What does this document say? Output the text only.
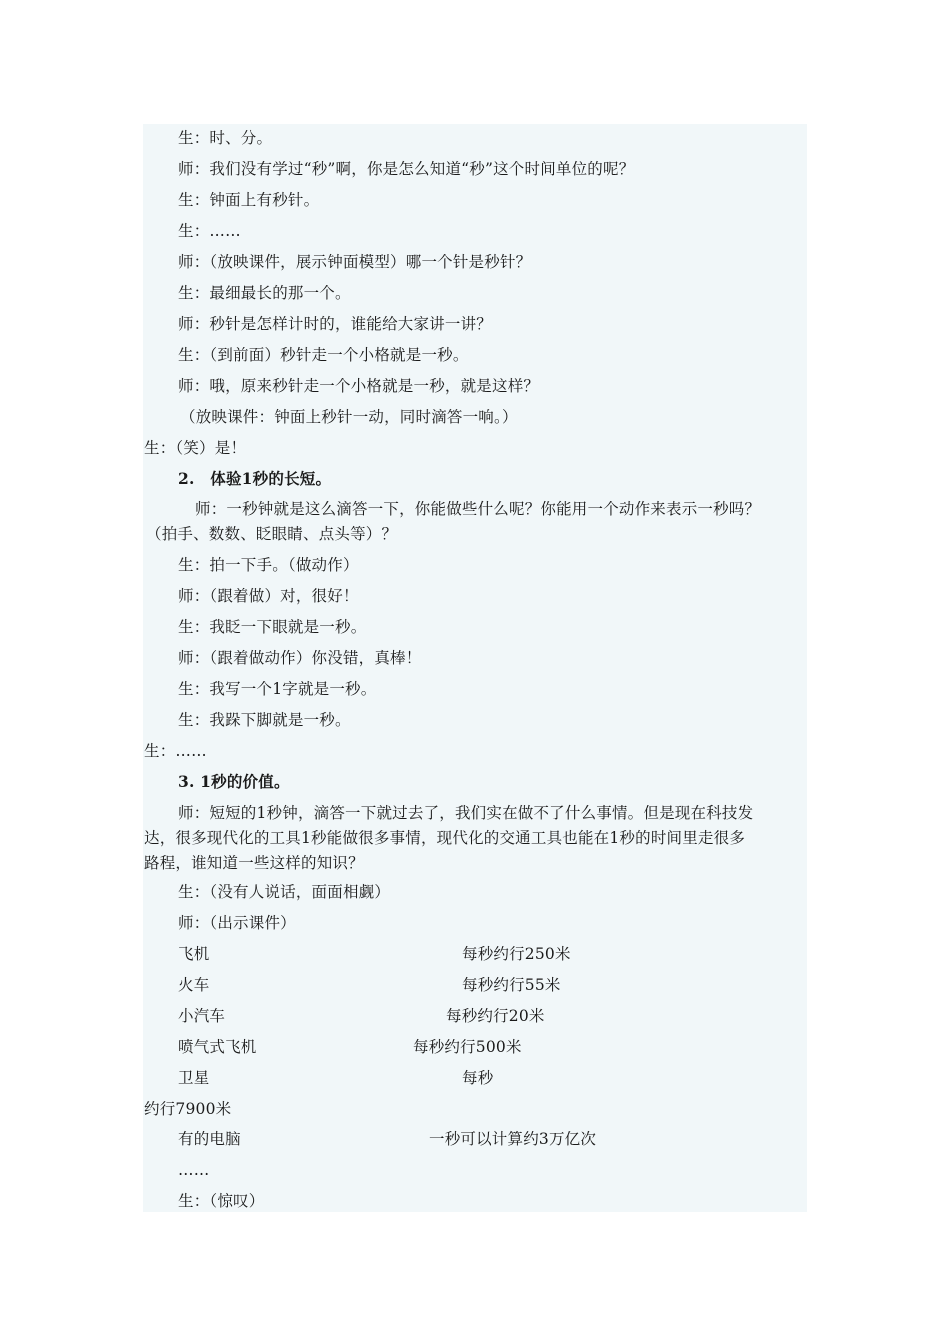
生：时、分。
师：我们没有学过“秒”啊，你是怎么知道“秒”这个时间单位的呢？
生：钟面上有秒针。
生：……
师：（放映课件，展示钟面模型）哪一个针是秒针？
生：最细最长的那一个。
师：秒针是怎样计时的，谁能给大家讲一讲？
生：（到前面）秒针走一个小格就是一秒。
师：哦，原来秒针走一个小格就是一秒，就是这样？
（放映课件：钟面上秒针一动，同时滴答一响。）
生：（笑）是！
2.　体验1秒的长短。
师：一秒钟就是这么滴答一下，你能做些什么呢？你能用一个动作来表示一秒吗？
（拍手、数数、眨眼睛、点头等）？
生：拍一下手。（做动作）
师：（跟着做）对，很好！
生：我眨一下眼就是一秒。
师：（跟着做动作）你没错，真棒！
生：我写一个1字就是一秒。
生：我跺下脚就是一秒。
生：……
3. 1秒的价值。
师：短短的1秒钟，滴答一下就过去了，我们实在做不了什么事情。但是现在科技发
达，很多现代化的工具1秒能做很多事情，现代化的交通工具也能在1秒的时间里走很多
路程，谁知道一些这样的知识？
生：（没有人说话，面面相觑）
师：（出示课件）
飞机	每秒约行250米
火车	每秒约行55米
小汽车	每秒约行20米
喷气式飞机	每秒约行500米
卫星	每秒
约行7900米
有的电脑	一秒可以计算约3万亿次
……
生：（惊叹）
